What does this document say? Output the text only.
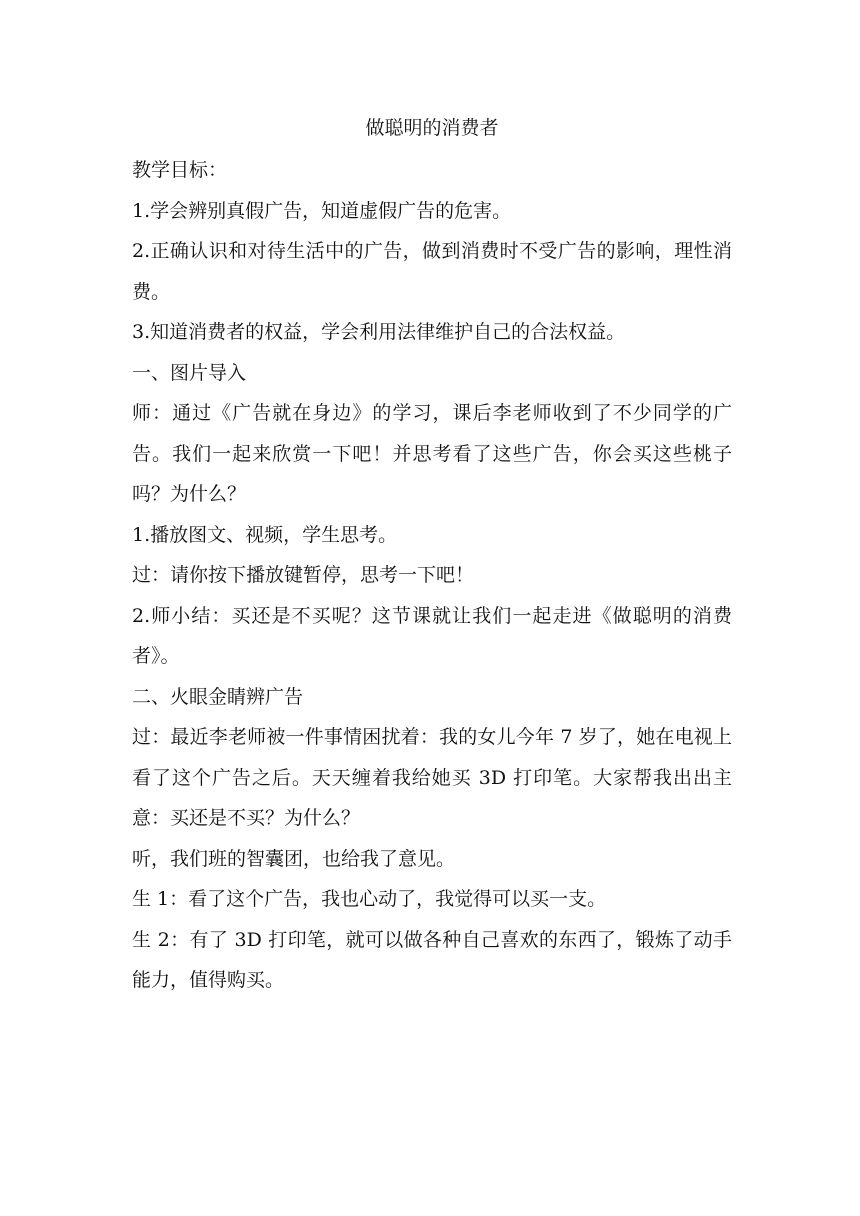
做聪明的消费者

教学目标：

1.学会辨别真假广告，知道虚假广告的危害。

2.正确认识和对待生活中的广告，做到消费时不受广告的影响，理性消费。

3.知道消费者的权益，学会利用法律维护自己的合法权益。

一、图片导入

师：通过《广告就在身边》的学习，课后李老师收到了不少同学的广告。我们一起来欣赏一下吧！并思考看了这些广告，你会买这些桃子吗？为什么？

1.播放图文、视频，学生思考。

过：请你按下播放键暂停，思考一下吧！

2.师小结：买还是不买呢？这节课就让我们一起走进《做聪明的消费者》。

二、火眼金睛辨广告

过：最近李老师被一件事情困扰着：我的女儿今年 7 岁了，她在电视上看了这个广告之后。天天缠着我给她买 3D 打印笔。大家帮我出出主意：买还是不买？为什么？

听，我们班的智囊团，也给我了意见。

生 1：看了这个广告，我也心动了，我觉得可以买一支。

生 2：有了 3D 打印笔，就可以做各种自己喜欢的东西了，锻炼了动手能力，值得购买。
